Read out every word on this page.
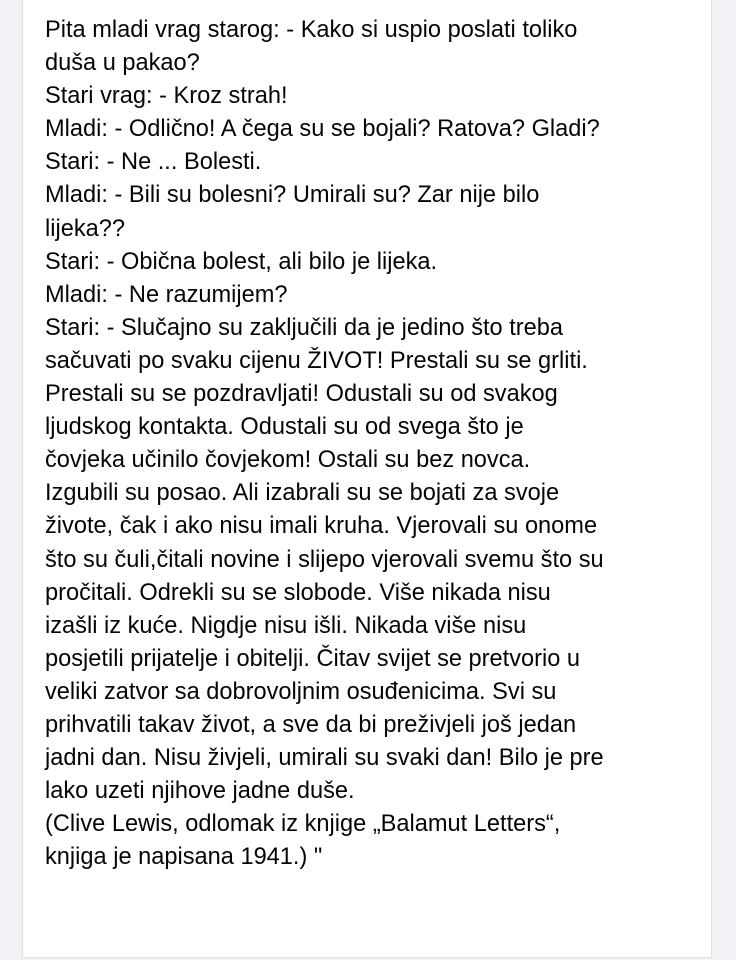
Pita mladi vrag starog: - Kako si uspio poslati toliko
duša u pakao?
Stari vrag: - Kroz strah!
Mladi: - Odlično! A čega su se bojali? Ratova? Gladi?
Stari: - Ne ... Bolesti.
Mladi: - Bili su bolesni? Umirali su? Zar nije bilo
lijeka??
Stari: - Obična bolest, ali bilo je lijeka.
Mladi: - Ne razumijem?
Stari: - Slučajno su zaključili da je jedino što treba
sačuvati po svaku cijenu ŽIVOT! Prestali su se grliti.
Prestali su se pozdravljati! Odustali su od svakog
ljudskog kontakta. Odustali su od svega što je
čovjeka učinilo čovjekom! Ostali su bez novca.
Izgubili su posao. Ali izabrali su se bojati za svoje
živote, čak i ako nisu imali kruha. Vjerovali su onome
što su čuli,čitali novine i slijepo vjerovali svemu što su
pročitali. Odrekli su se slobode. Više nikada nisu
izašli iz kuće. Nigdje nisu išli. Nikada više nisu
posjetili prijatelje i obitelji. Čitav svijet se pretvorio u
veliki zatvor sa dobrovoljnim osuđenicima. Svi su
prihvatili takav život, a sve da bi preživjeli još jedan
jadni dan. Nisu živjeli, umirali su svaki dan! Bilo je pre
lako uzeti njihove jadne duše.
(Clive Lewis, odlomak iz knjige „Balamut Letters“,
knjiga je napisana 1941.) "
